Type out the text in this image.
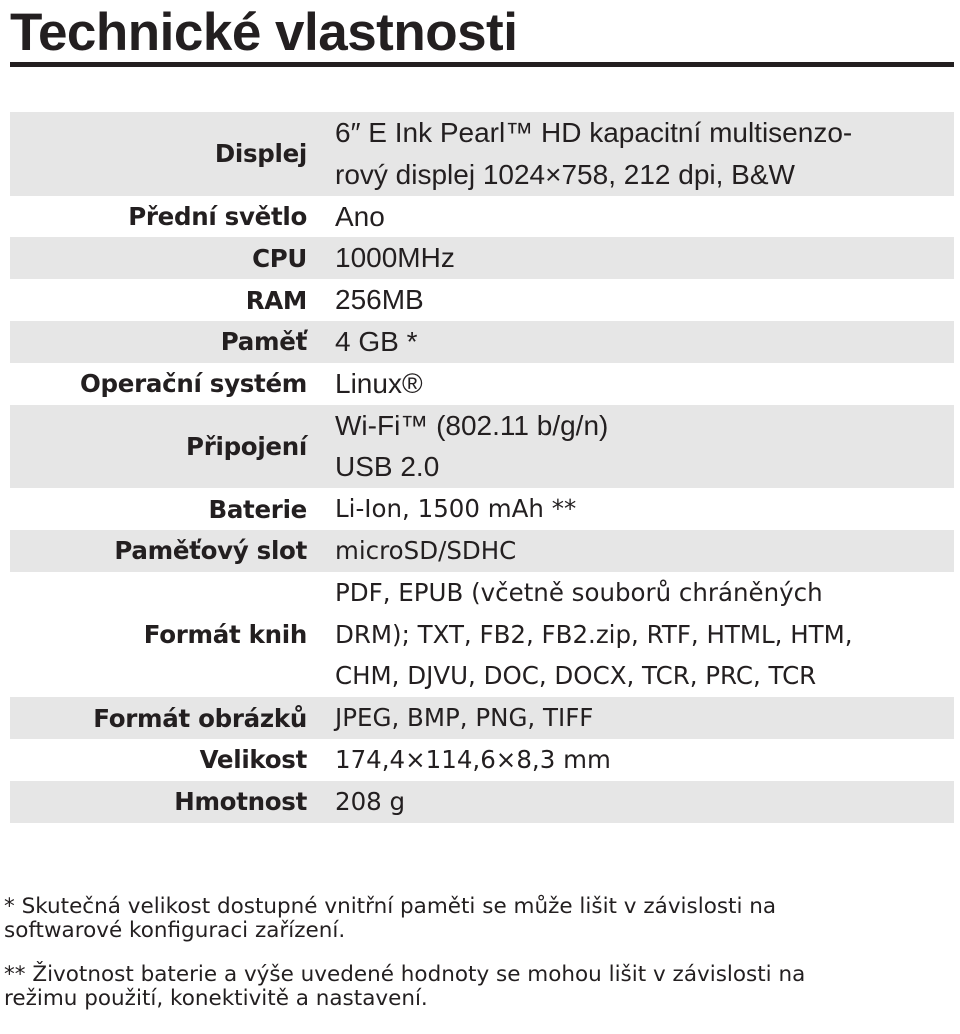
Technické vlastnosti
Displej
6″ E Ink Pearl™ HD kapacitní multisenzo-
rový displej 1024×758, 212 dpi, B&W
Přední světlo Ano
CPU 1000MHz
RAM 256MB
Paměť 4 GB *
Operační systém Linux®
Připojení
Wi-Fi™ (802.11 b/g/n)
USB 2.0
Baterie Li-Ion, 1500 mAh **
Paměťový slot microSD/SDHC
Formát knih
PDF, EPUB (včetně souborů chráněných
DRM); TXT, FB2, FB2.zip, RTF, HTML, HTM,
CHM, DJVU, DOC, DOCX, TCR, PRC, TCR
Formát obrázků JPEG, BMP, PNG, TIFF
Velikost 174,4×114,6×8,3 mm
Hmotnost 208 g
* Skutečná velikost dostupné vnitřní paměti se může lišit v závislosti na
softwarové konfiguraci zařízení.
** Životnost baterie a výše uvedené hodnoty se mohou lišit v závislosti na
režimu použití, konektivitě a nastavení.
